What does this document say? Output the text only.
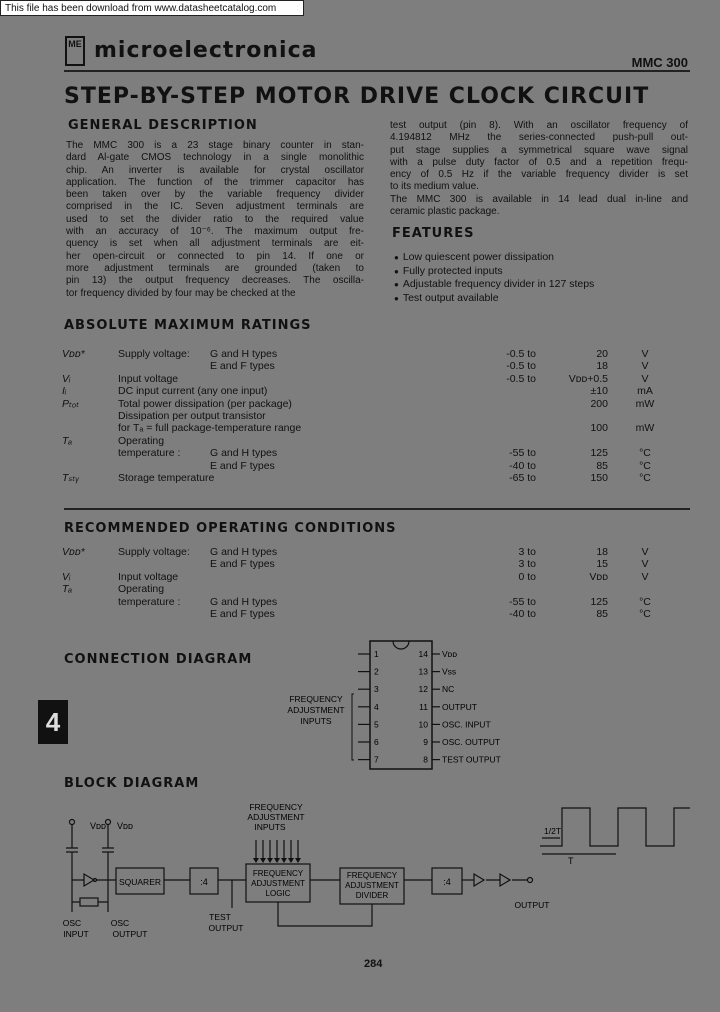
This file has been download from www.datasheetcatalog.com
ME microelectronica	MMC 300
STEP-BY-STEP MOTOR DRIVE CLOCK CIRCUIT
GENERAL DESCRIPTION

The MMC 300 is a 23 stage binary counter in stan-

dard Al-gate CMOS technology in a single monolithic

chip. An inverter is available for crystal oscillator

application. The function of the trimmer capacitor has

been taken over by the variable frequency divider

comprised in the IC. Seven adjustment terminals are

used to set the divider ratio to the required value

with an accuracy of 10⁻⁶. The maximum output fre-

quency is set when all adjustment terminals are eit-

her open-circuit or connected to pin 14. If one or

more adjustment terminals are grounded (taken to

pin 13) the output frequency decreases. The oscilla-

tor frequency divided by four may be checked at the

test output (pin 8). With an oscillator frequency of

4.194812 MHz the series-connected push-pull out-

put stage supplies a symmetrical square wave signal

with a pulse duty factor of 0.5 and a repetition frequ-

ency of 0.5 Hz if the variable frequency divider is set

to its medium value.

The MMC 300 is available in 14 lead dual in-line and

ceramic plastic package.

FEATURES
● Low quiescent power dissipation
● Fully protected inputs
● Adjustable frequency divider in 127 steps
● Test output available
ABSOLUTE MAXIMUM RATINGS
Vᴅᴅ*	Supply voltage: G and H types	-0.5 to	20	V
E and F types	-0.5 to	18	V
Vᵢ	Input voltage	-0.5 to	Vᴅᴅ+0.5	V
Iᵢ	DC input current (any one input)	±10	mA
Pₜₒₜ	Total power dissipation (per package)	200	mW
Dissipation per output transistor
for Tₐ = full package-temperature range	100	mW
Tₐ	Operating
temperature :	G and H types	-55 to	125	°C
E and F types	-40 to	85	°C
Tₛₜᵧ	Storage temperature	-65 to	150	°C
RECOMMENDED OPERATING CONDITIONS
Vᴅᴅ*	Supply voltage: G and H types	3 to	18	V
E and F types	3 to	15	V
Vᵢ	Input voltage	0 to	Vᴅᴅ	V
Tₐ	Operating
temperature :	G and H types	-55 to	125	°C
E and F types	-40 to	85	°C
CONNECTION DIAGRAM
4
1
2
3
4
5
6
7
14 Vᴅᴅ
13 Vss
12 NC
11 OUTPUT
10 OSC. INPUT
9 OSC. OUTPUT
8 TEST OUTPUT
FREQUENCY
ADJUSTMENT
INPUTS
BLOCK DIAGRAM
Vᴅᴅ Vᴅᴅ
SQUARER	:4
FREQUENCY
ADJUSTMENT
LOGIC
FREQUENCY
ADJUSTMENT
DIVIDER
:4
FREQUENCY
ADJUSTMENT
INPUTS
TEST
OUTPUT
OSC
INPUT
OSC
OUTPUT
OUTPUT
1/2T
T
284
